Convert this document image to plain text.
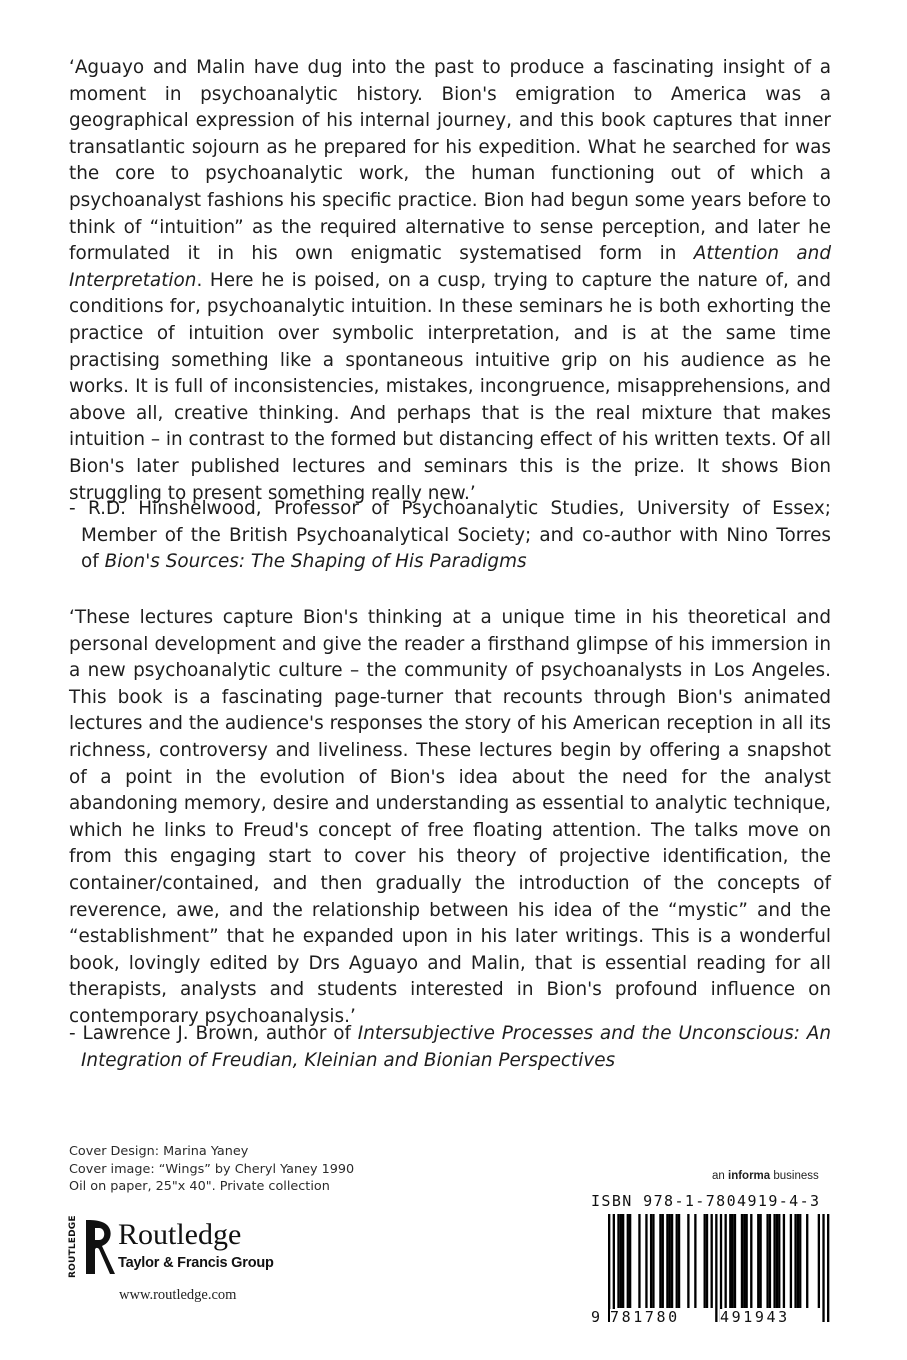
‘Aguayo and Malin have dug into the past to produce a fascinating insight of a moment in psychoanalytic history. Bion's emigration to America was a geographical expression of his internal journey, and this book captures that inner transatlantic sojourn as he prepared for his expedition. What he searched for was the core to psychoanalytic work, the human functioning out of which a psychoanalyst fashions his specific practice. Bion had begun some years before to think of “intuition” as the required alternative to sense perception, and later he formulated it in his own enigmatic systematised form in Attention and Interpretation. Here he is poised, on a cusp, trying to capture the nature of, and conditions for, psychoanalytic intuition. In these seminars he is both exhorting the practice of intuition over symbolic interpretation, and is at the same time practising something like a spontaneous intuitive grip on his audience as he works. It is full of inconsistencies, mistakes, incongruence, misapprehensions, and above all, creative thinking. And perhaps that is the real mixture that makes intuition – in contrast to the formed but distancing effect of his written texts. Of all Bion's later published lectures and seminars this is the prize. It shows Bion struggling to present something really new.’

- R.D. Hinshelwood, Professor of Psychoanalytic Studies, University of Essex; Member of the British Psychoanalytical Society; and co-author with Nino Torres of Bion's Sources: The Shaping of His Paradigms

‘These lectures capture Bion's thinking at a unique time in his theoretical and personal development and give the reader a firsthand glimpse of his immersion in a new psychoanalytic culture – the community of psychoanalysts in Los Angeles. This book is a fascinating page-turner that recounts through Bion's animated lectures and the audience's responses the story of his American reception in all its richness, controversy and liveliness. These lectures begin by offering a snapshot of a point in the evolution of Bion's idea about the need for the analyst abandoning memory, desire and understanding as essential to analytic technique, which he links to Freud's concept of free floating attention. The talks move on from this engaging start to cover his theory of projective identification, the container/contained, and then gradually the introduction of the concepts of reverence, awe, and the relationship between his idea of the “mystic” and the “establishment” that he expanded upon in his later writings. This is a wonderful book, lovingly edited by Drs Aguayo and Malin, that is essential reading for all therapists, analysts and students interested in Bion's profound influence on contemporary psychoanalysis.’

- Lawrence J. Brown, author of Intersubjective Processes and the Unconscious: An Integration of Freudian, Kleinian and Bionian Perspectives

Cover Design: Marina Yaney
Cover image: “Wings” by Cheryl Yaney 1990
Oil on paper, 25"x 40". Private collection
ROUTLEDGE Routledge
Taylor & Francis Group
www.routledge.com
an informa business
ISBN 978-1-7804919-4-3
9 781780	491943
